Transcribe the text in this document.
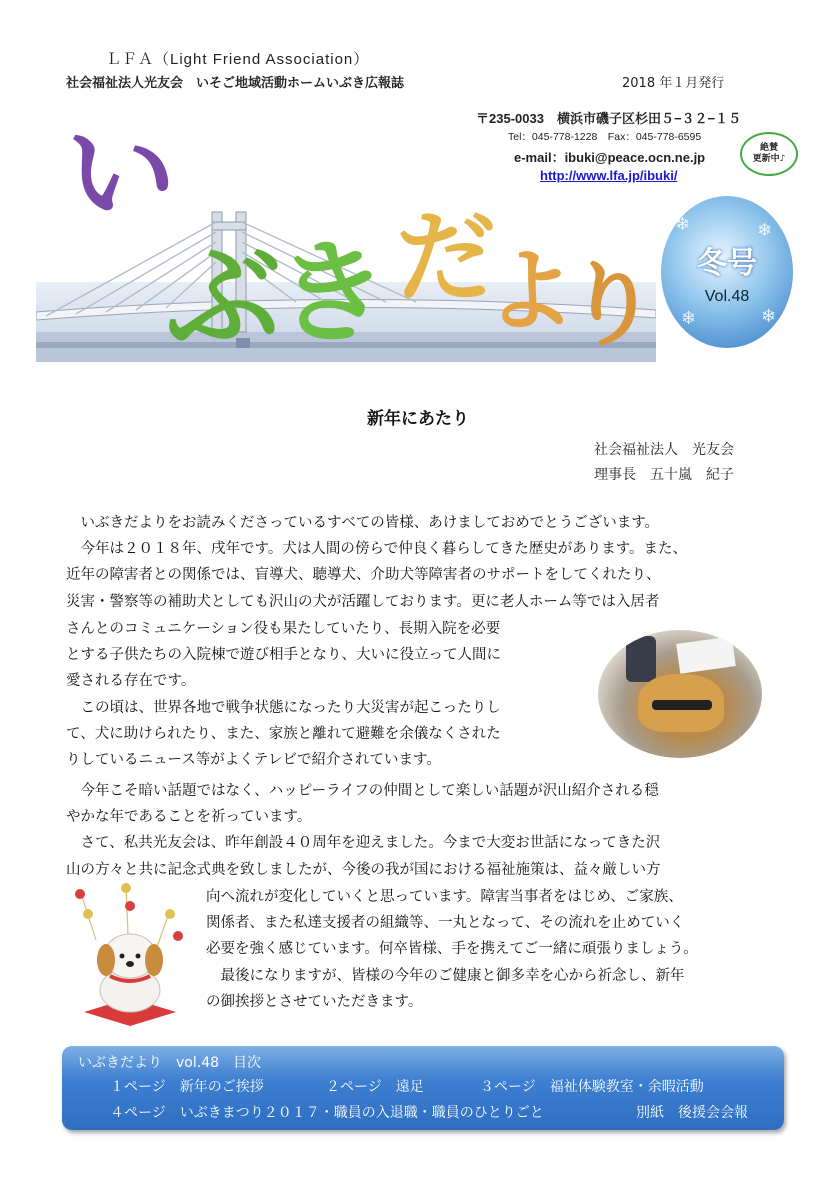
ＬＦＡ（Light Friend Association）
社会福祉法人光友会　いそご地域活動ホームいぶき広報誌	2018 年１月発行
〒235-0033　横浜市磯子区杉田５−３２−１５
Tel：045-778-1228　Fax：045-778-6595
e-mail：ibuki@peace.ocn.ne.jp
http://www.lfa.jp/ibuki/
絶賛
更新中♪
い
ぶ
き だ
よ
り
❄	❄
❄	❄
冬号
Vol.48
新年にあたり
社会福祉法人　光友会
理事長　五十嵐　紀子
　いぶきだよりをお読みくださっているすべての皆様、あけましておめでとうございます。
　今年は２０１８年、戌年です。犬は人間の傍らで仲良く暮らしてきた歴史があります。また、
近年の障害者との関係では、盲導犬、聴導犬、介助犬等障害者のサポートをしてくれたり、
災害・警察等の補助犬としても沢山の犬が活躍しております。更に老人ホーム等では入居者
さんとのコミュニケーション役も果たしていたり、長期入院を必要
とする子供たちの入院棟で遊び相手となり、大いに役立って人間に
愛される存在です。
　この頃は、世界各地で戦争状態になったり大災害が起こったりし
て、犬に助けられたり、また、家族と離れて避難を余儀なくされた
りしているニュース等がよくテレビで紹介されています。
　今年こそ暗い話題ではなく、ハッピーライフの仲間として楽しい話題が沢山紹介される穏
やかな年であることを祈っています。
　さて、私共光友会は、昨年創設４０周年を迎えました。今まで大変お世話になってきた沢
山の方々と共に記念式典を致しましたが、今後の我が国における福祉施策は、益々厳しい方
向へ流れが変化していくと思っています。障害当事者をはじめ、ご家族、
関係者、また私達支援者の組織等、一丸となって、その流れを止めていく
必要を強く感じています。何卒皆様、手を携えてご一緒に頑張りましょう。
　最後になりますが、皆様の今年のご健康と御多幸を心から祈念し、新年
の御挨拶とさせていただきます。
いぶきだより　vol.48　目次
１ページ　新年のご挨拶	２ページ　遠足	３ページ　福祉体験教室・余暇活動
４ページ　いぶきまつり２０１７・職員の入退職・職員のひとりごと	別紙　後援会会報
